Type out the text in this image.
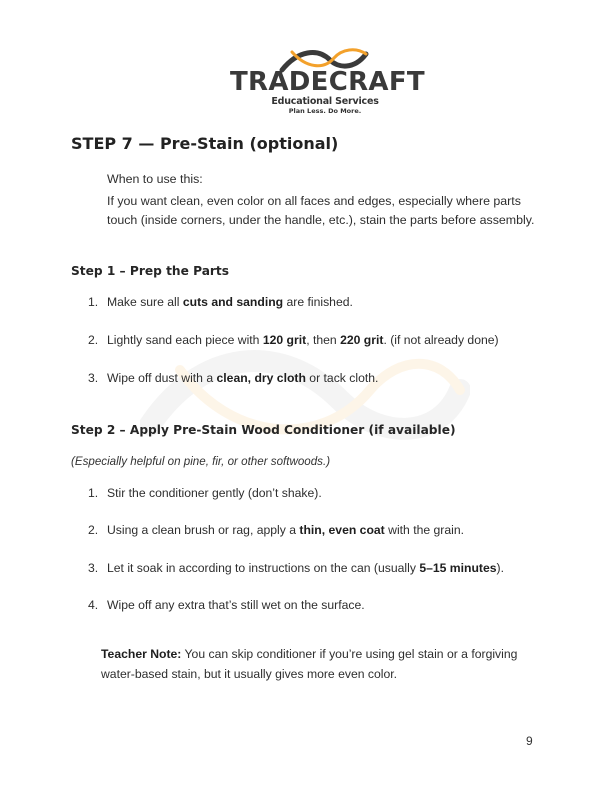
TRADECRAFT
Educational Services
Plan Less. Do More.
STEP 7 — Pre-Stain (optional)

When to use this:

If you want clean, even color on all faces and edges, especially where parts touch (inside corners, under the handle, etc.), stain the parts before assembly.

Step 1 – Prep the Parts
1. Make sure all cuts and sanding are finished.
2. Lightly sand each piece with 120 grit, then 220 grit. (if not already done)
3. Wipe off dust with a clean, dry cloth or tack cloth.
Step 2 – Apply Pre-Stain Wood Conditioner (if available)

(Especially helpful on pine, fir, or other softwoods.)

1. Stir the conditioner gently (don’t shake).
2. Using a clean brush or rag, apply a thin, even coat with the grain.
3. Let it soak in according to instructions on the can (usually 5–15 minutes).
4. Wipe off any extra that’s still wet on the surface.

Teacher Note: You can skip conditioner if you’re using gel stain or a forgiving water-based stain, but it usually gives more even color.

9
